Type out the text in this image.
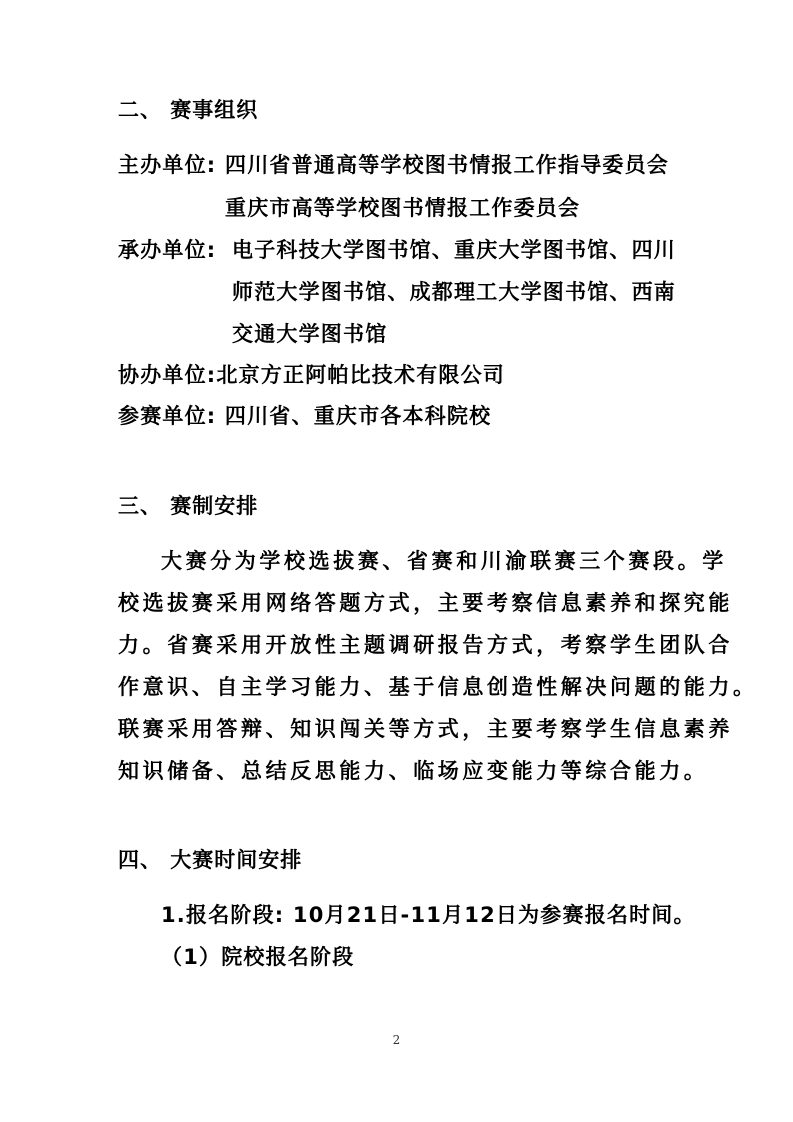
二、 赛事组织
主办单位: 四川省普通高等学校图书情报工作指导委员会
重庆市高等学校图书情报工作委员会
承办单位: 电子科技大学图书馆、重庆大学图书馆、四川
师范大学图书馆、成都理工大学图书馆、西南
交通大学图书馆
协办单位:北京方正阿帕比技术有限公司
参赛单位: 四川省、重庆市各本科院校
三、 赛制安排
大赛分为学校选拔赛、省赛和川渝联赛三个赛段。学
校选拔赛采用网络答题方式，主要考察信息素养和探究能
力。省赛采用开放性主题调研报告方式，考察学生团队合
作意识、自主学习能力、基于信息创造性解决问题的能力。
联赛采用答辩、知识闯关等方式，主要考察学生信息素养
知识储备、总结反思能力、临场应变能力等综合能力。
四、 大赛时间安排
1.报名阶段: 10月21日-11月12日为参赛报名时间。
（1）院校报名阶段
2
